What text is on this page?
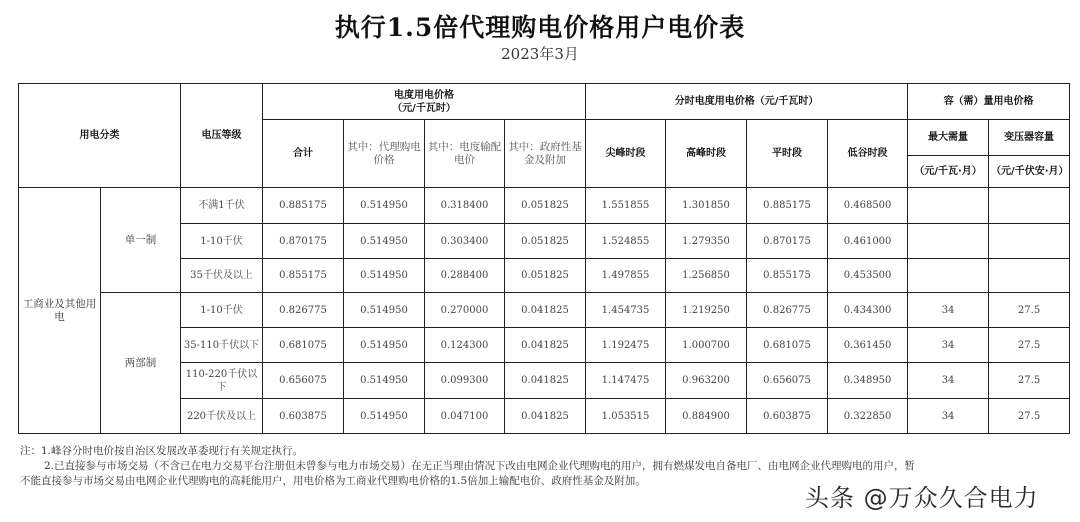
执行1.5倍代理购电价格用户电价表
2023年3月
用电分类		电压等级	电度用电价格
（元/千瓦时）				分时电度用电价格（元/千瓦时）				容（需）量用电价格	
			合计	其中：代理购电价格	其中：电度输配电价	其中：政府性基金及附加	尖峰时段	高峰时段	平时段	低谷时段	最大需量	变压器容量
											（元/千瓦·月）	（元/千伏安·月）
工商业及其他用电	单一制	不满1千伏	0.885175	0.514950	0.318400	0.051825	1.551855	1.301850	0.885175	0.468500		
		1-10千伏	0.870175	0.514950	0.303400	0.051825	1.524855	1.279350	0.870175	0.461000		
		35千伏及以上	0.855175	0.514950	0.288400	0.051825	1.497855	1.256850	0.855175	0.453500		
	两部制	1-10千伏	0.826775	0.514950	0.270000	0.041825	1.454735	1.219250	0.826775	0.434300	34	27.5
		35-110千伏以下	0.681075	0.514950	0.124300	0.041825	1.192475	1.000700	0.681075	0.361450	34	27.5
		110-220千伏以下	0.656075	0.514950	0.099300	0.041825	1.147475	0.963200	0.656075	0.348950	34	27.5
		220千伏及以上	0.603875	0.514950	0.047100	0.041825	1.053515	0.884900	0.603875	0.322850	34	27.5

注：1.峰谷分时电价按自治区发展改革委现行有关规定执行。

2.已直接参与市场交易（不含已在电力交易平台注册但未曾参与电力市场交易）在无正当理由情况下改由电网企业代理购电的用户，拥有燃煤发电自备电厂、由电网企业代理购电的用户，暂

不能直接参与市场交易由电网企业代理购电的高耗能用户，用电价格为工商业代理购电价格的1.5倍加上输配电价、政府性基金及附加。

头条 @万众久合电力
